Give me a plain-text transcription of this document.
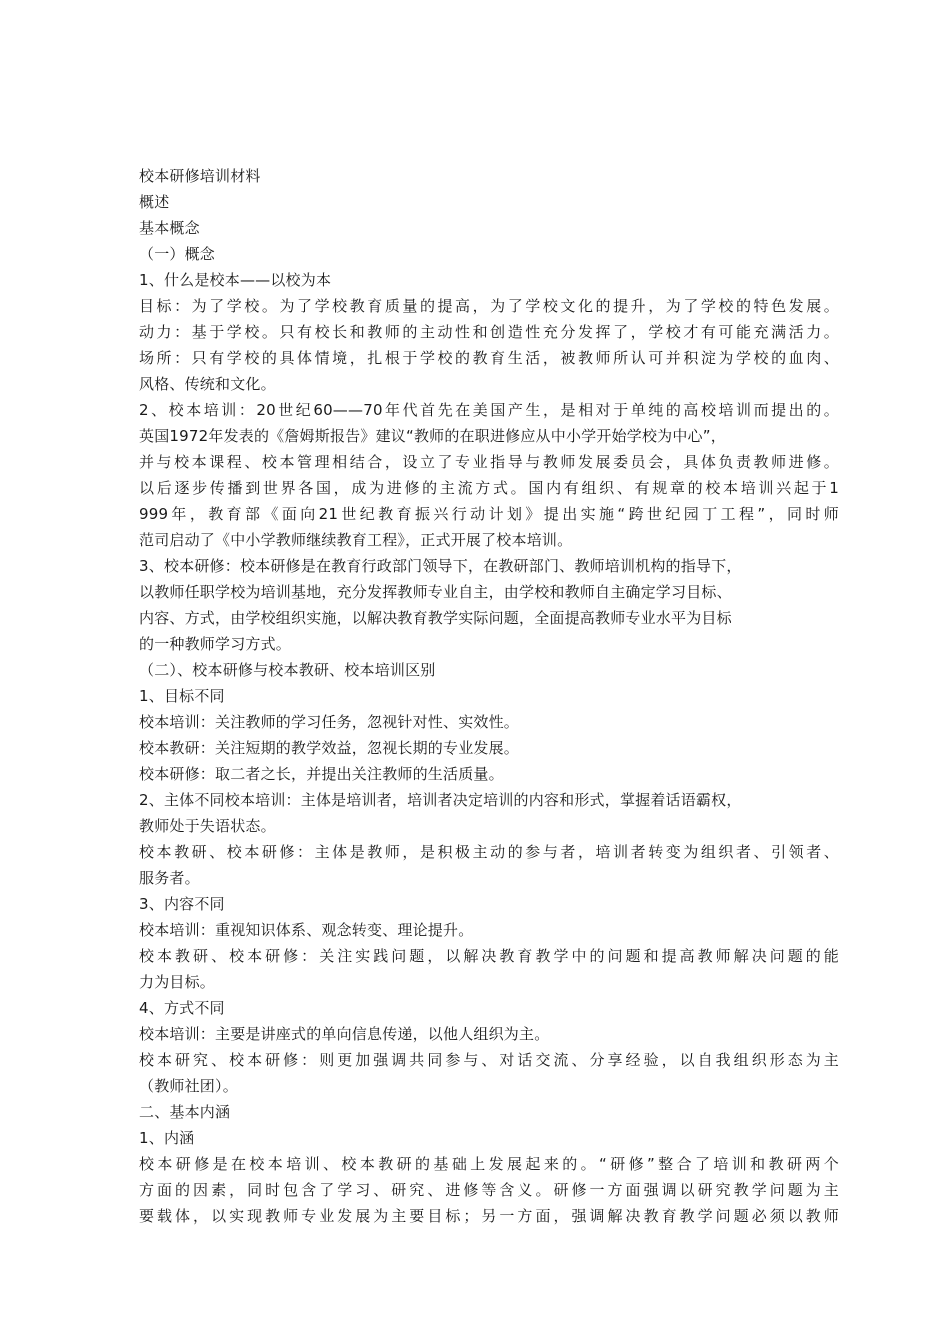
校本研修培训材料
概述
基本概念
（一）概念
1、什么是校本——以校为本
目标：为了学校。为了学校教育质量的提高，为了学校文化的提升，为了学校的特色发展。
动力：基于学校。只有校长和教师的主动性和创造性充分发挥了，学校才有可能充满活力。
场所：只有学校的具体情境，扎根于学校的教育生活，被教师所认可并积淀为学校的血肉、
风格、传统和文化。
2、校本培训：20世纪60——70年代首先在美国产生，是相对于单纯的高校培训而提出的。
英国1972年发表的《詹姆斯报告》建议“教师的在职进修应从中小学开始学校为中心”，
并与校本课程、校本管理相结合，设立了专业指导与教师发展委员会，具体负责教师进修。
以后逐步传播到世界各国，成为进修的主流方式。国内有组织、有规章的校本培训兴起于1
999年，教育部《面向21世纪教育振兴行动计划》提出实施“跨世纪园丁工程”，同时师
范司启动了《中小学教师继续教育工程》，正式开展了校本培训。
3、校本研修：校本研修是在教育行政部门领导下，在教研部门、教师培训机构的指导下，
以教师任职学校为培训基地，充分发挥教师专业自主，由学校和教师自主确定学习目标、
内容、方式，由学校组织实施，以解决教育教学实际问题，全面提高教师专业水平为目标
的一种教师学习方式。
（二）、校本研修与校本教研、校本培训区别
1、目标不同
校本培训：关注教师的学习任务，忽视针对性、实效性。
校本教研：关注短期的教学效益，忽视长期的专业发展。
校本研修：取二者之长，并提出关注教师的生活质量。
2、主体不同校本培训：主体是培训者，培训者决定培训的内容和形式，掌握着话语霸权，
教师处于失语状态。
校本教研、校本研修：主体是教师，是积极主动的参与者，培训者转变为组织者、引领者、
服务者。
3、内容不同
校本培训：重视知识体系、观念转变、理论提升。
校本教研、校本研修：关注实践问题，以解决教育教学中的问题和提高教师解决问题的能
力为目标。
4、方式不同
校本培训：主要是讲座式的单向信息传递，以他人组织为主。
校本研究、校本研修：则更加强调共同参与、对话交流、分享经验，以自我组织形态为主
（教师社团）。
二、基本内涵
1、内涵
校本研修是在校本培训、校本教研的基础上发展起来的。“研修”整合了培训和教研两个
方面的因素，同时包含了学习、研究、进修等含义。研修一方面强调以研究教学问题为主
要载体，以实现教师专业发展为主要目标；另一方面，强调解决教育教学问题必须以教师
